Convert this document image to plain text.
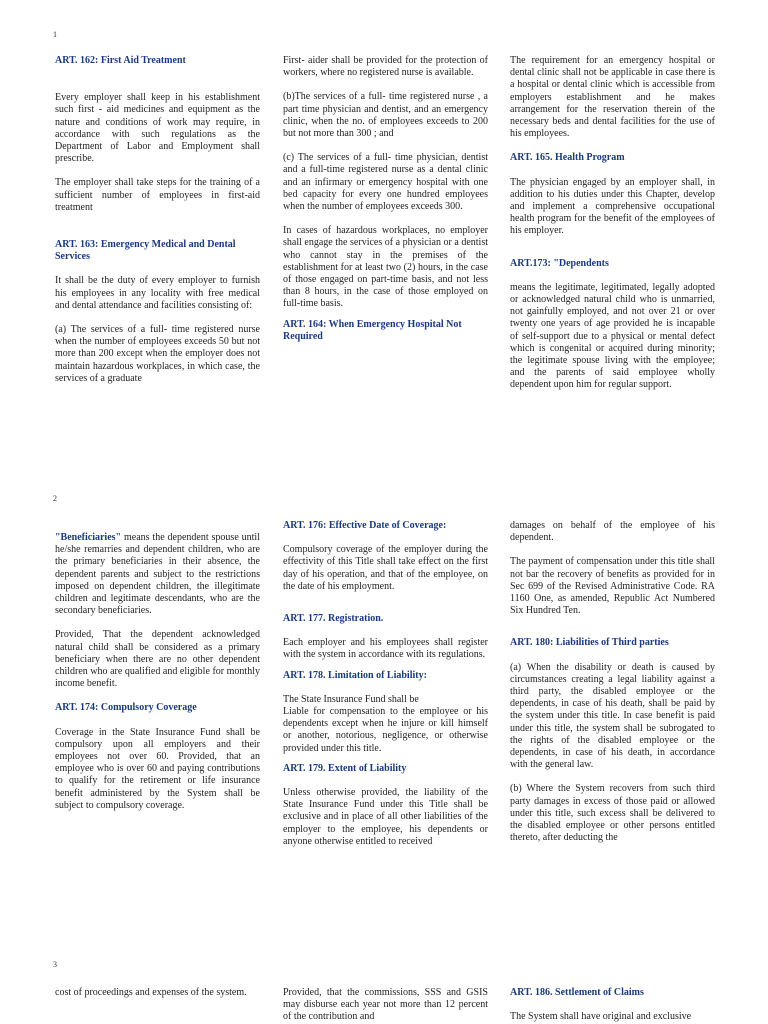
1
ART. 162: First Aid Treatment

Every employer shall keep in his establishment such first - aid medicines and equipment as the nature and conditions of work may require, in accordance with such regulations as the Department of Labor and Employment shall prescribe.

The employer shall take steps for the training of a sufficient number of employees in first-aid treatment

ART. 163: Emergency Medical and Dental Services

It shall be the duty of every employer to furnish his employees in any locality with free medical and dental attendance and facilities consisting of:

(a) The services of a full- time registered nurse when the number of employees exceeds 50 but not more than 200 except when the employer does not maintain hazardous workplaces, in which case, the services of a graduate

First- aider shall be provided for the protection of workers, where no registered nurse is available.

(b)The services of a full- time registered nurse , a part time physician and dentist, and an emergency clinic, when the no. of employees exceeds to 200 but not more than 300 ; and

(c) The services of a full- time physician, dentist and a full-time registered nurse as a dental clinic and an infirmary or emergency hospital with one bed capacity for every one hundred employees when the number of employees exceeds 300.

In cases of hazardous workplaces, no employer shall engage the services of a physician or a dentist who cannot stay in the premises of the establishment for at least two (2) hours, in the case of those engaged on part-time basis, and not less than 8 hours, in the case of those employed on full-time basis.

ART. 164: When Emergency Hospital Not Required

The requirement for an emergency hospital or dental clinic shall not be applicable in case there is a hospital or dental clinic which is accessible from employers establishment and he makes arrangement for the reservation therein of the necessary beds and dental facilities for the use of his employees.

ART. 165. Health Program

The physician engaged by an employer shall, in addition to his duties under this Chapter, develop and implement a comprehensive occupational health program for the benefit of the employees of his employer.

ART.173: "Dependents

means the legitimate, legitimated, legally adopted or acknowledged natural child who is unmarried, not gainfully employed, and not over 21 or over twenty one years of age provided he is incapable of self-support due to a physical or mental defect which is congenital or acquired during minority; the legitimate spouse living with the employee; and the parents of said employee wholly dependent upon him for regular support.

2

"Beneficiaries" means the dependent spouse until he/she remarries and dependent children, who are the primary beneficiaries in their absence, the dependent parents and subject to the restrictions imposed on dependent children, the illegitimate children and legitimate descendants, who are the secondary beneficiaries.

Provided, That the dependent acknowledged natural child shall be considered as a primary beneficiary when there are no other dependent children who are qualified and eligible for monthly income benefit.

ART. 174: Compulsory Coverage

Coverage in the State Insurance Fund shall be compulsory upon all employers and their employees not over 60. Provided, that an employee who is over 60 and paying contributions to qualify for the retirement or life insurance benefit administered by the System shall be subject to compulsory coverage.

ART. 176: Effective Date of Coverage:

Compulsory coverage of the employer during the effectivity of this Title shall take effect on the first day of his operation, and that of the employee, on the date of his employment.

ART. 177. Registration.

Each employer and his employees shall register with the system in accordance with its regulations.

ART. 178. Limitation of Liability:

The State Insurance Fund shall be

Liable for compensation to the employee or his dependents except when he injure or kill himself or another, notorious, negligence, or otherwise provided under this title.

ART. 179. Extent of Liability

Unless otherwise provided, the liability of the State Insurance Fund under this Title shall be exclusive and in place of all other liabilities of the employer to the employee, his dependents or anyone otherwise entitled to received

damages on behalf of the employee of his dependent.

The payment of compensation under this title shall not bar the recovery of benefits as provided for in Sec 699 of the Revised Administrative Code. RA 1160 One, as amended, Republic Act Numbered Six Hundred Ten.

ART. 180: Liabilities of Third parties

(a) When the disability or death is caused by circumstances creating a legal liability against a third party, the disabled employee or the dependents, in case of his death, shall be paid by the system under this title. In case benefit is paid under this title, the system shall be subrogated to the rights of the disabled employee or the dependents, in case of his death, in accordance with the general law.

(b) Where the System recovers from such third party damages in excess of those paid or allowed under this title, such excess shall be delivered to the disabled employee or other persons entitled thereto, after deducting the

3

cost of proceedings and expenses of the system.	Provided, that the commissions, SSS and GSIS may disburse each year not more than 12 percent of the contribution and

ART. 186. Settlement of Claims

The System shall have original and exclusive
